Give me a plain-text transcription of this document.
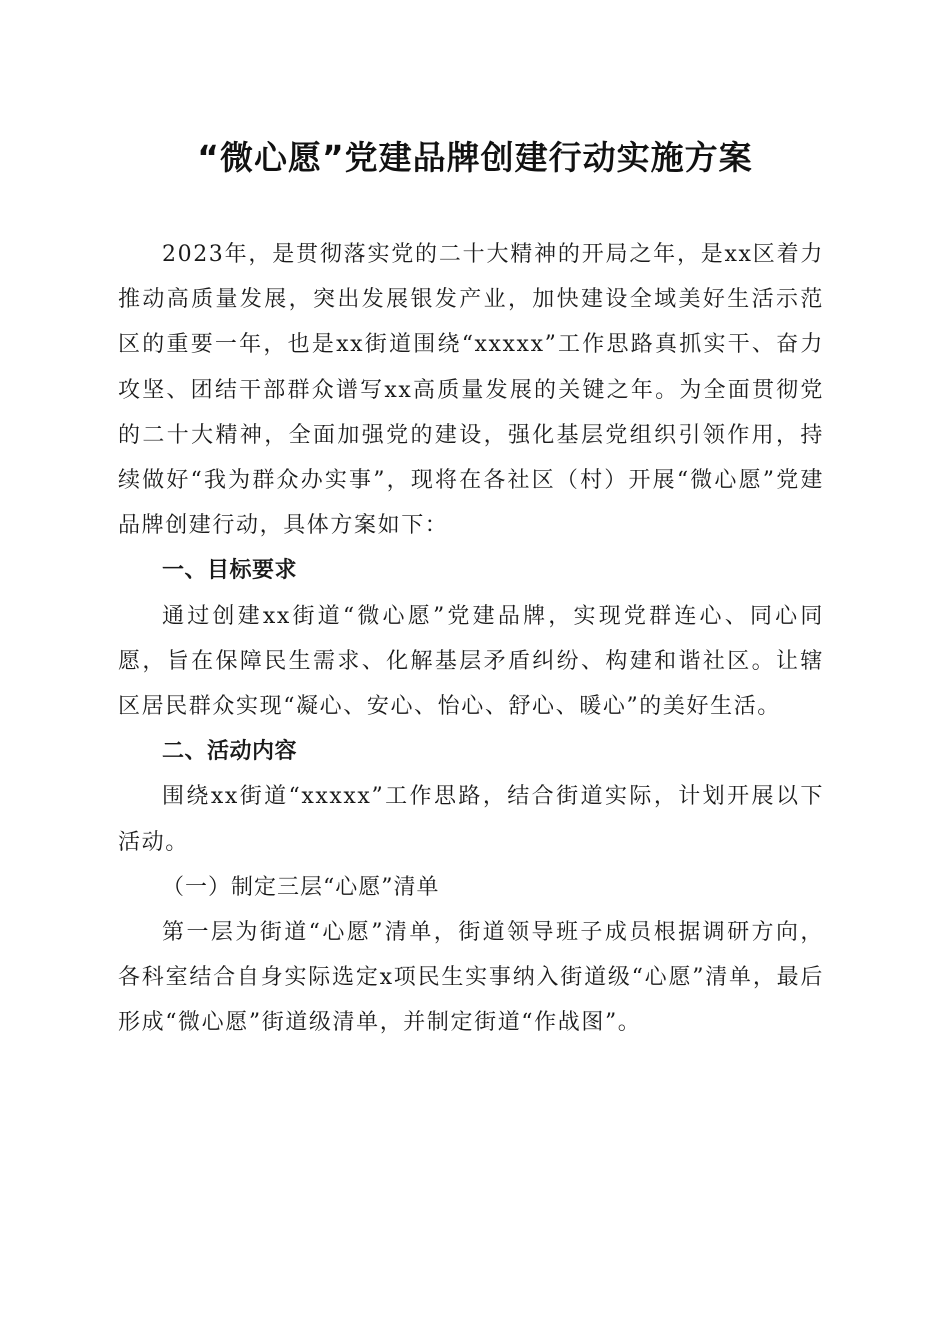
“微心愿”党建品牌创建行动实施方案

2023年，是贯彻落实党的二十大精神的开局之年，是xx区着力推动高质量发展，突出发展银发产业，加快建设全域美好生活示范区的重要一年，也是xx街道围绕“xxxxx”工作思路真抓实干、奋力攻坚、团结干部群众谱写xx高质量发展的关键之年。为全面贯彻党的二十大精神，全面加强党的建设，强化基层党组织引领作用，持续做好“我为群众办实事”，现将在各社区（村）开展“微心愿”党建品牌创建行动，具体方案如下：

一、目标要求

通过创建xx街道“微心愿”党建品牌，实现党群连心、同心同愿，旨在保障民生需求、化解基层矛盾纠纷、构建和谐社区。让辖区居民群众实现“凝心、安心、怡心、舒心、暖心”的美好生活。

二、活动内容

围绕xx街道“xxxxx”工作思路，结合街道实际，计划开展以下活动。

（一）制定三层“心愿”清单

第一层为街道“心愿”清单，街道领导班子成员根据调研方向，各科室结合自身实际选定x项民生实事纳入街道级“心愿”清单，最后形成“微心愿”街道级清单，并制定街道“作战图”。
